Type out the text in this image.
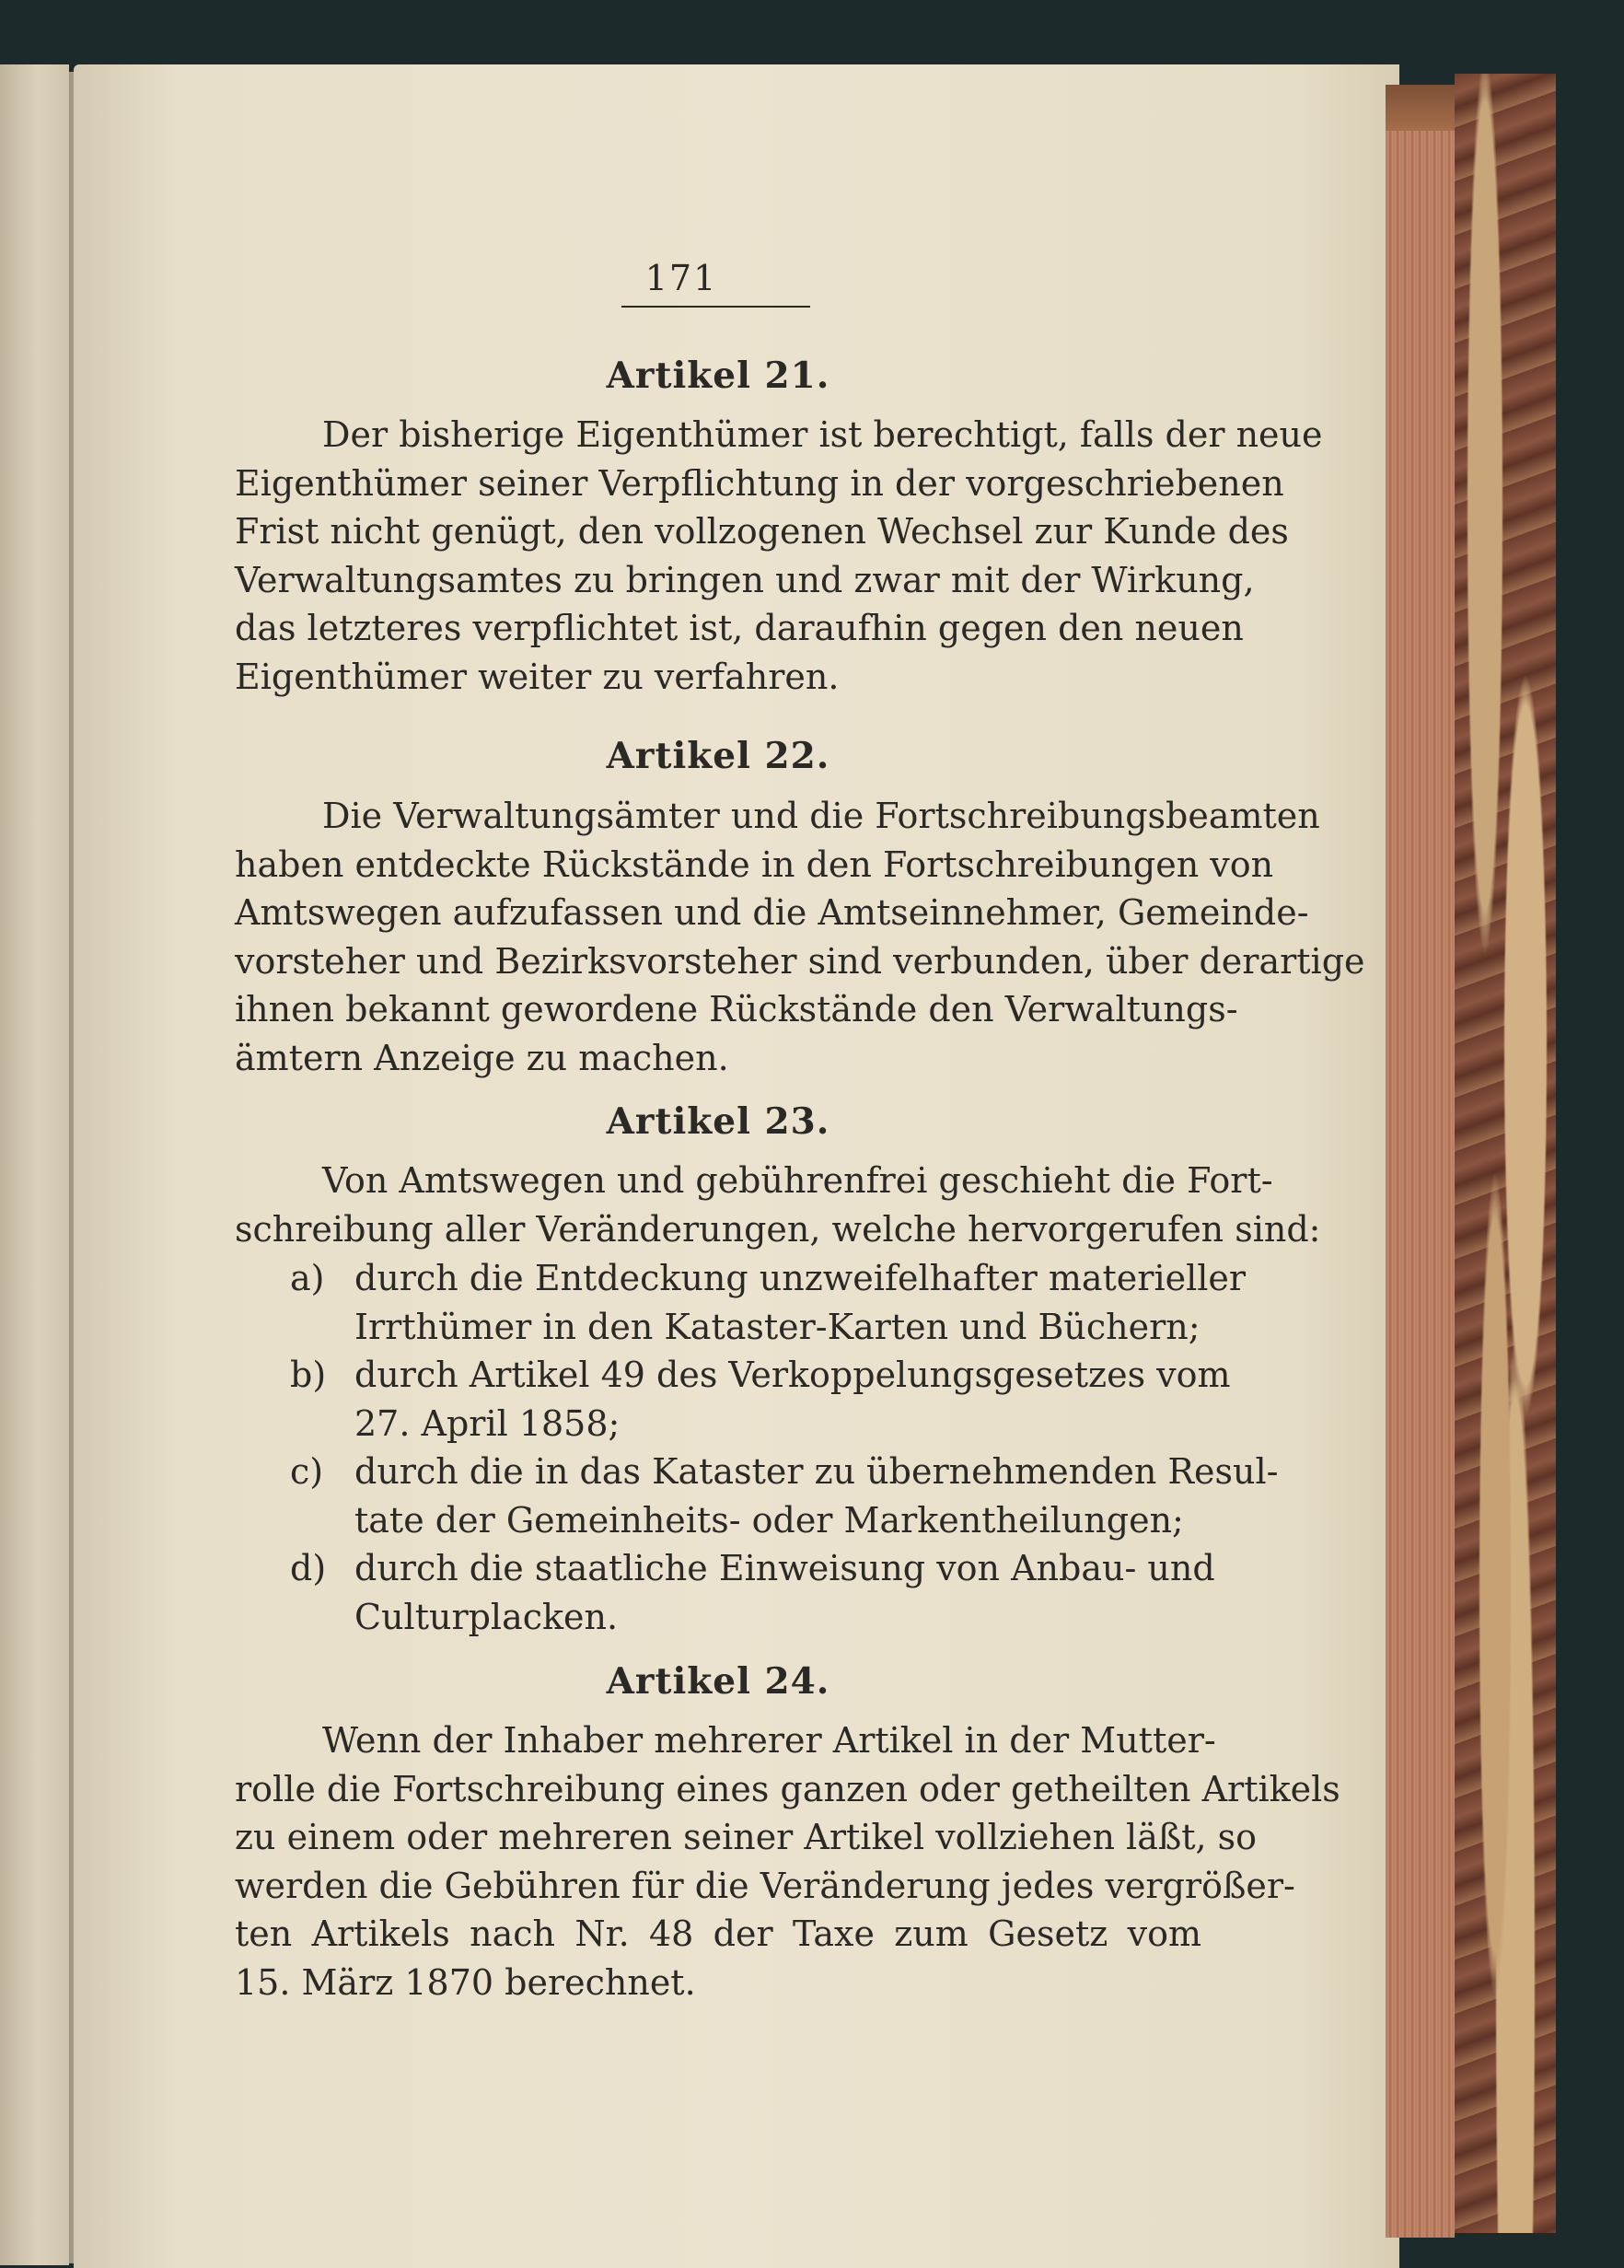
171
Artikel 21.
Der bisherige Eigenthümer ist berechtigt, falls der neue
Eigenthümer seiner Verpflichtung in der vorgeschriebenen
Frist nicht genügt, den vollzogenen Wechsel zur Kunde des
Verwaltungsamtes zu bringen und zwar mit der Wirkung,
das letzteres verpflichtet ist, daraufhin gegen den neuen
Eigenthümer weiter zu verfahren.
Artikel 22.
Die Verwaltungsämter und die Fortschreibungsbeamten
haben entdeckte Rückstände in den Fortschreibungen von
Amtswegen aufzufassen und die Amtseinnehmer, Gemeinde-
vorsteher und Bezirksvorsteher sind verbunden, über derartige
ihnen bekannt gewordene Rückstände den Verwaltungs-
ämtern Anzeige zu machen.
Artikel 23.
Von Amtswegen und gebührenfrei geschieht die Fort-
schreibung aller Veränderungen, welche hervorgerufen sind:
a) durch die Entdeckung unzweifelhafter materieller
Irrthümer in den Kataster-Karten und Büchern;
b) durch Artikel 49 des Verkoppelungsgesetzes vom
27. April 1858;
c) durch die in das Kataster zu übernehmenden Resul-
tate der Gemeinheits- oder Markentheilungen;
d) durch die staatliche Einweisung von Anbau- und
Culturplacken.
Artikel 24.
Wenn der Inhaber mehrerer Artikel in der Mutter-
rolle die Fortschreibung eines ganzen oder getheilten Artikels
zu einem oder mehreren seiner Artikel vollziehen läßt, so
werden die Gebühren für die Veränderung jedes vergrößer-
ten Artikels nach Nr. 48 der Taxe zum Gesetz vom
15. März 1870 berechnet.
